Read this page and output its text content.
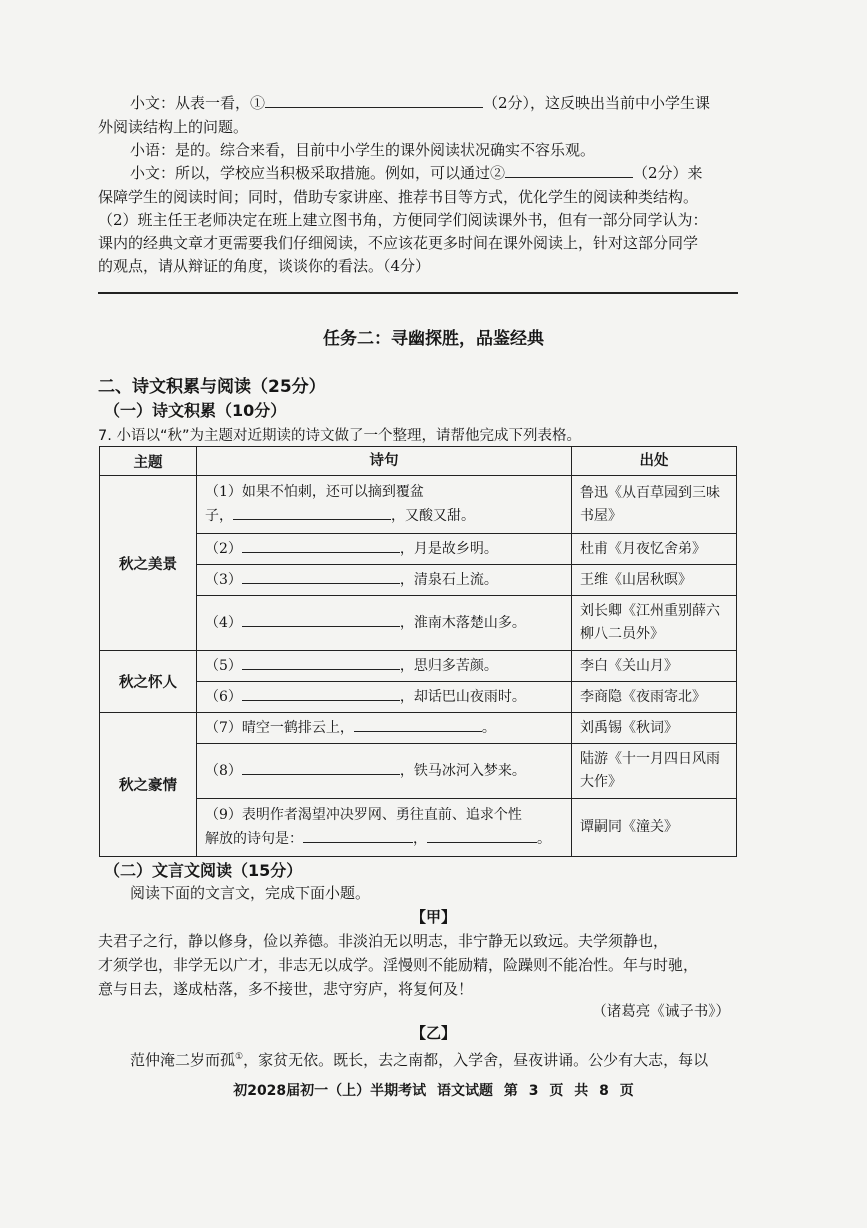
小文：从表一看，①	（2分），这反映出当前中小学生课
外阅读结构上的问题。
小语：是的。综合来看，目前中小学生的课外阅读状况确实不容乐观。
小文：所以，学校应当积极采取措施。例如，可以通过②	（2分）来
保障学生的阅读时间；同时，借助专家讲座、推荐书目等方式，优化学生的阅读种类结构。
（2）班主任王老师决定在班上建立图书角，方便同学们阅读课外书，但有一部分同学认为：
课内的经典文章才更需要我们仔细阅读，不应该花更多时间在课外阅读上，针对这部分同学
的观点，请从辩证的角度，谈谈你的看法。（4分）
任务二：寻幽探胜，品鉴经典
二、诗文积累与阅读（25分）
（一）诗文积累（10分）
7. 小语以“秋”为主题对近期读的诗文做了一个整理，请帮他完成下列表格。
主题	诗句	出处
秋之美景	（1）如果不怕刺，还可以摘到覆盆
子， ，又酸又甜。	鲁迅《从百草园到三味书屋》
	（2） ，月是故乡明。	杜甫《月夜忆舍弟》
	（3） ，清泉石上流。	王维《山居秋暝》
	（4） ，淮南木落楚山多。	刘长卿《江州重别薛六柳八二员外》
秋之怀人	（5） ，思归多苦颜。	李白《关山月》
	（6） ，却话巴山夜雨时。	李商隐《夜雨寄北》
秋之豪情	（7）晴空一鹤排云上， 。	刘禹锡《秋词》
	（8） ，铁马冰河入梦来。	陆游《十一月四日风雨大作》
	（9）表明作者渴望冲决罗网、勇往直前、追求个性
解放的诗句是： ， 。	谭嗣同《潼关》
（二）文言文阅读（15分）
阅读下面的文言文，完成下面小题。
【甲】
夫君子之行，静以修身，俭以养德。非淡泊无以明志，非宁静无以致远。夫学须静也，
才须学也，非学无以广才，非志无以成学。淫慢则不能励精，险躁则不能冶性。年与时驰，
意与日去，遂成枯落，多不接世，悲守穷庐，将复何及！
（诸葛亮《诫子书》）
【乙】
范仲淹二岁而孤①，家贫无依。既长，去之南都，入学舍，昼夜讲诵。公少有大志，每以
初2028届初一（上）半期考试 语文试题 第 3 页 共 8 页
